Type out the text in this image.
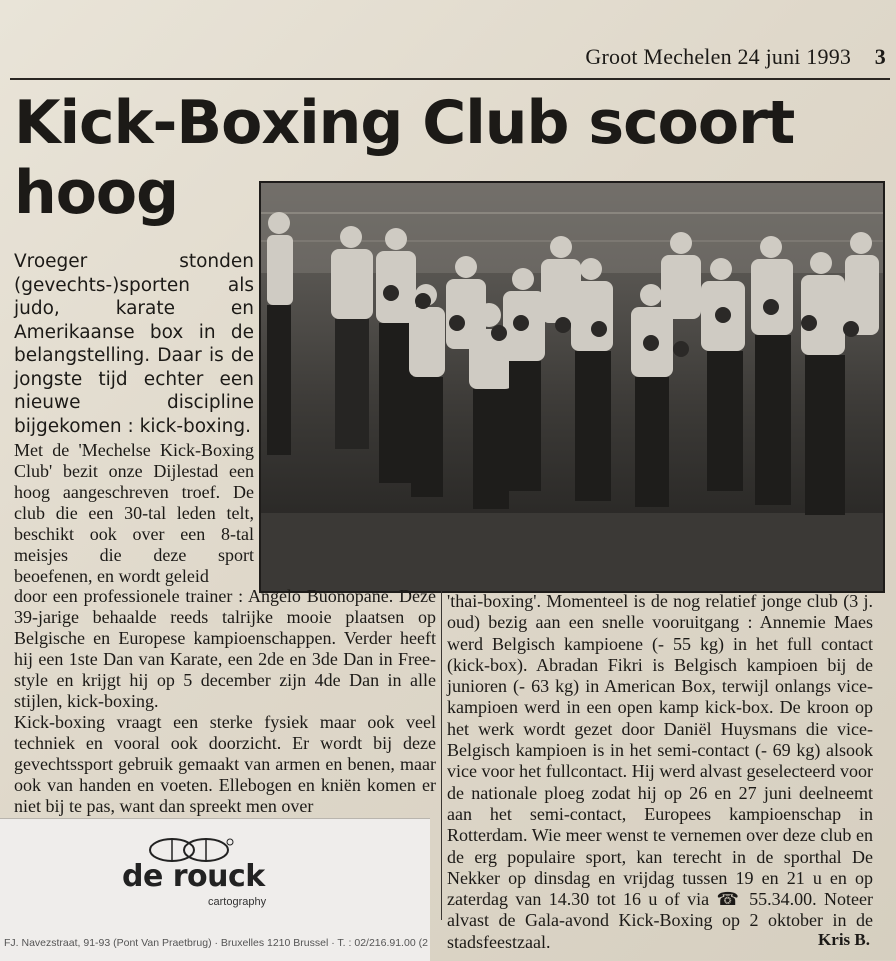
Groot Mechelen 24 juni 1993 3
Kick-Boxing Club scoort
hoog
Vroeger stonden (gevechts-)sporten als judo, karate en Amerikaanse box in de belangstelling. Daar is de jongste tijd echter een nieuwe discipline bijgekomen : kick-boxing.
Met de 'Mechelse Kick-Boxing Club' bezit onze Dijlestad een hoog aangeschreven troef. De club die een 30-tal leden telt, beschikt ook over een 8-tal meisjes die deze sport beoefenen, en wordt geleid
door een professionele trainer : Angelo Buonopane. Deze 39-jarige behaalde reeds talrijke mooie plaatsen op Belgische en Europese kampioenschappen. Verder heeft hij een 1ste Dan van Karate, een 2de en 3de Dan in Free-style en krijgt hij op 5 december zijn 4de Dan in alle stijlen, kick-boxing.
Kick-boxing vraagt een sterke fysiek maar ook veel techniek en vooral ook doorzicht. Er wordt bij deze gevechtssport gebruik gemaakt van armen en benen, maar ook van handen en voeten. Ellebogen en kniën komen er niet bij te pas, want dan spreekt men over
'thai-boxing'. Momenteel is de nog relatief jonge club (3 j. oud) bezig aan een snelle vooruitgang : Annemie Maes werd Belgisch kampioene (- 55 kg) in het full contact (kick-box). Abradan Fikri is Belgisch kampioen bij de junioren (- 63 kg) in American Box, terwijl onlangs vice-kampioen werd in een open kamp kick-box. De kroon op het werk wordt gezet door Daniël Huysmans die vice-Belgisch kampioen is in het semi-contact (- 69 kg) alsook vice voor het fullcontact. Hij werd alvast geselecteerd voor de nationale ploeg zodat hij op 26 en 27 juni deelneemt aan het semi-contact, Europees kampioenschap in Rotterdam. Wie meer wenst te vernemen over deze club en de erg populaire sport, kan terecht in de sporthal De Nekker op dinsdag en vrijdag tussen 19 en 21 u en op zaterdag van 14.30 tot 16 u of via ☎ 55.34.00. Noteer alvast de Gala-avond Kick-Boxing op 2 oktober in de stadsfeestzaal.	Kris B.
de rouck
cartography
FJ. Navezstraat, 91-93 (Pont Van Praetbrug) · Bruxelles 1210 Brussel · T. : 02/216.91.00 (2
